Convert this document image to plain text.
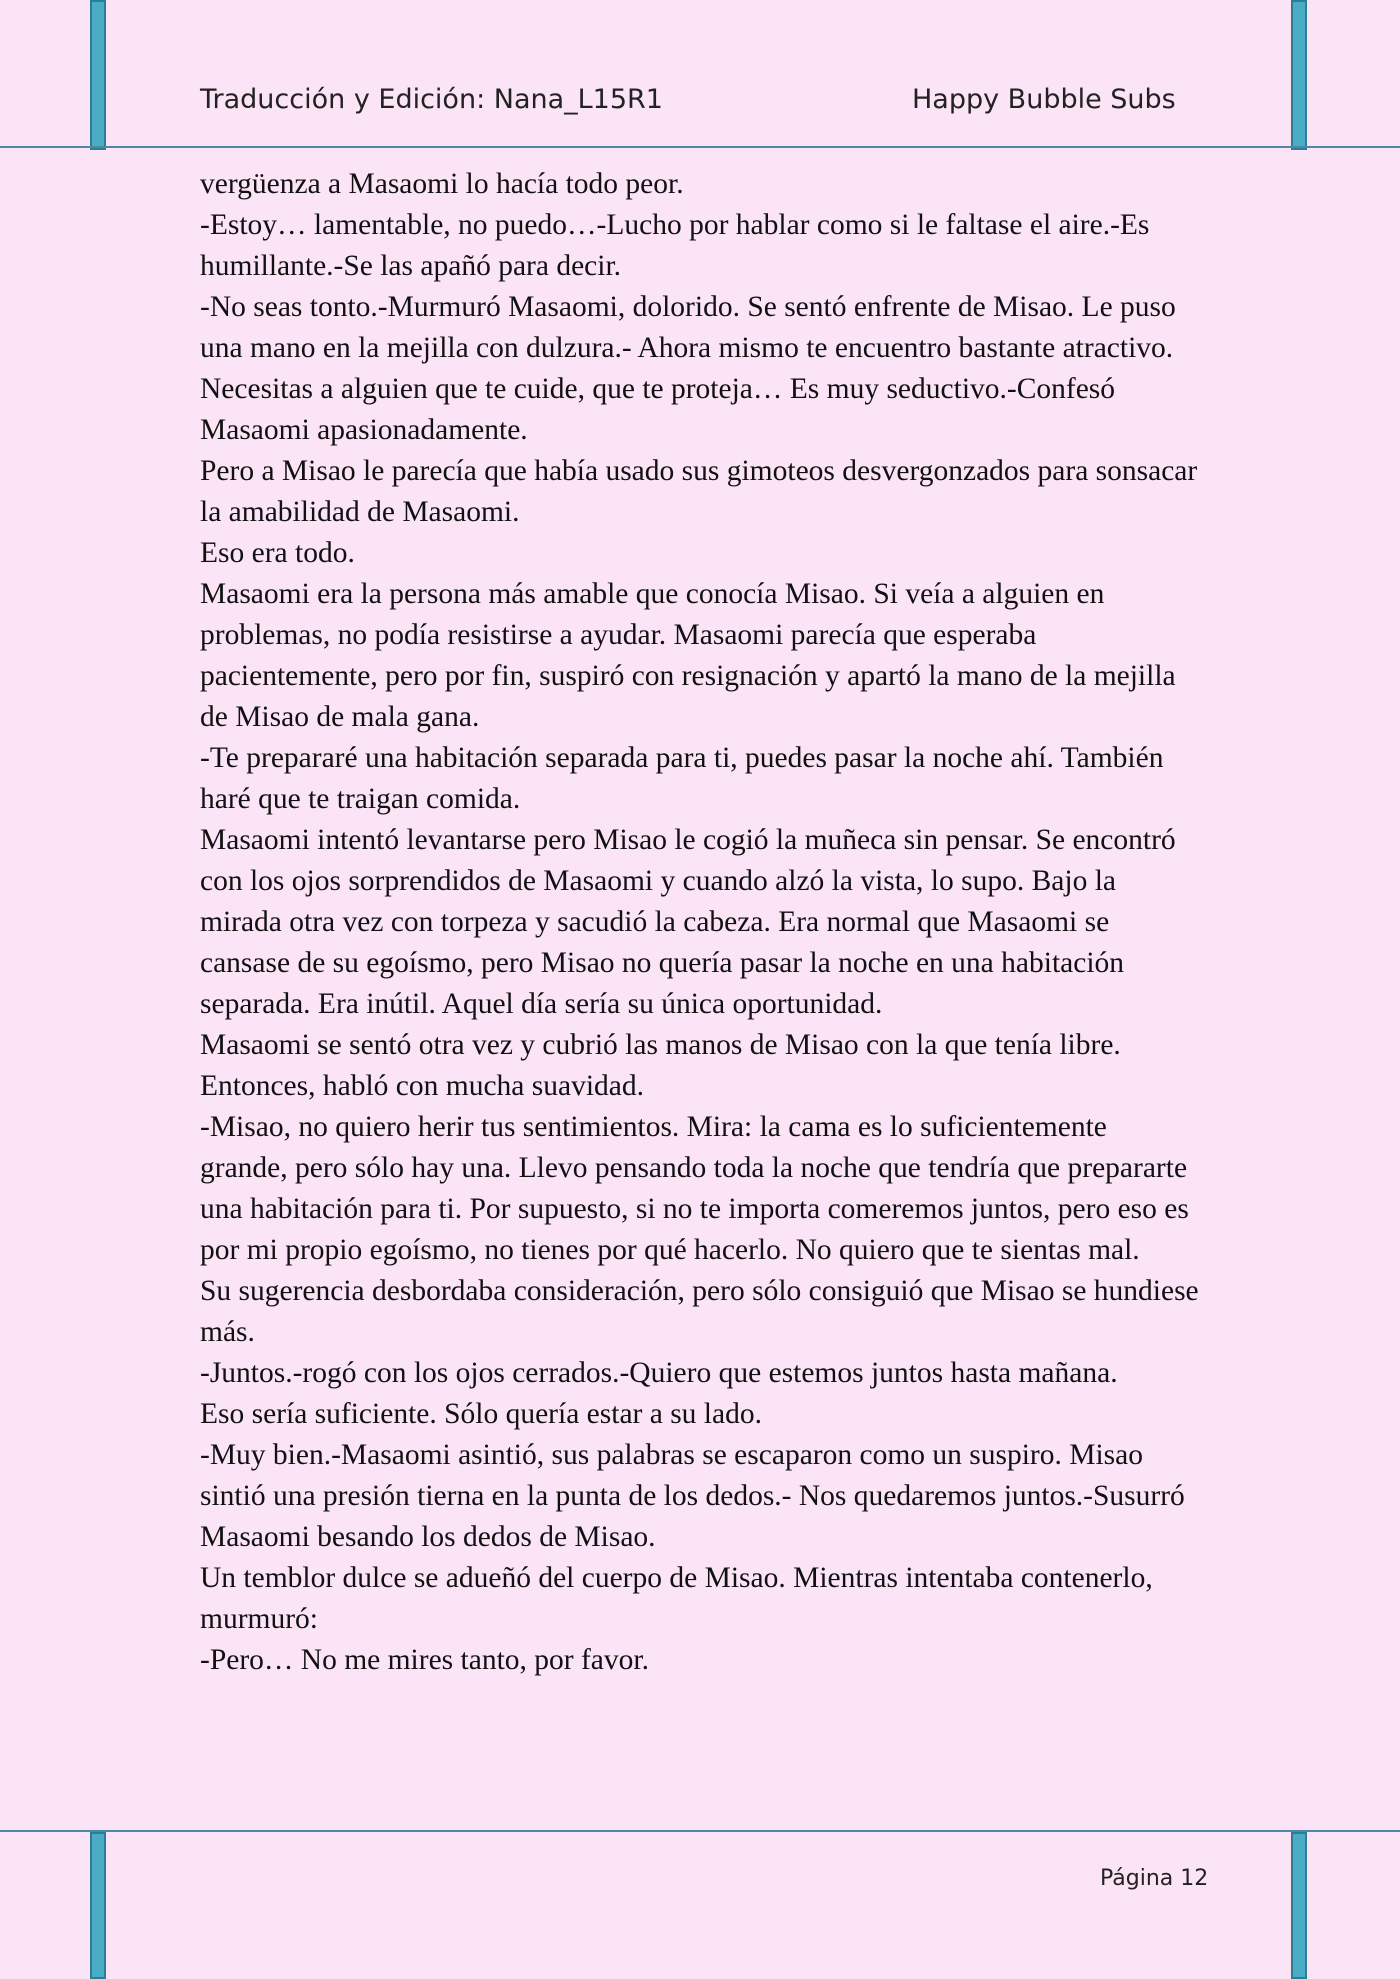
Traducción y Edición: Nana_L15R1	Happy Bubble Subs

vergüenza a Masaomi lo hacía todo peor.

-Estoy… lamentable, no puedo…-Lucho por hablar como si le faltase el aire.-Es humillante.-Se las apañó para decir.

-No seas tonto.-Murmuró Masaomi, dolorido. Se sentó enfrente de Misao. Le puso una mano en la mejilla con dulzura.- Ahora mismo te encuentro bastante atractivo. Necesitas a alguien que te cuide, que te proteja… Es muy seductivo.-Confesó Masaomi apasionadamente.

Pero a Misao le parecía que había usado sus gimoteos desvergonzados para sonsacar la amabilidad de Masaomi.

Eso era todo.

Masaomi era la persona más amable que conocía Misao. Si veía a alguien en problemas, no podía resistirse a ayudar. Masaomi parecía que esperaba pacientemente, pero por fin, suspiró con resignación y apartó la mano de la mejilla de Misao de mala gana.

-Te prepararé una habitación separada para ti, puedes pasar la noche ahí. También haré que te traigan comida.

Masaomi intentó levantarse pero Misao le cogió la muñeca sin pensar. Se encontró con los ojos sorprendidos de Masaomi y cuando alzó la vista, lo supo. Bajo la mirada otra vez con torpeza y sacudió la cabeza. Era normal que Masaomi se cansase de su egoísmo, pero Misao no quería pasar la noche en una habitación separada. Era inútil. Aquel día sería su única oportunidad.

Masaomi se sentó otra vez y cubrió las manos de Misao con la que tenía libre. Entonces, habló con mucha suavidad.

-Misao, no quiero herir tus sentimientos. Mira: la cama es lo suficientemente grande, pero sólo hay una. Llevo pensando toda la noche que tendría que prepararte una habitación para ti. Por supuesto, si no te importa comeremos juntos, pero eso es por mi propio egoísmo, no tienes por qué hacerlo. No quiero que te sientas mal.

Su sugerencia desbordaba consideración, pero sólo consiguió que Misao se hundiese más.

-Juntos.-rogó con los ojos cerrados.-Quiero que estemos juntos hasta mañana.

Eso sería suficiente. Sólo quería estar a su lado.

-Muy bien.-Masaomi asintió, sus palabras se escaparon como un suspiro. Misao sintió una presión tierna en la punta de los dedos.- Nos quedaremos juntos.-Susurró Masaomi besando los dedos de Misao.

Un temblor dulce se adueñó del cuerpo de Misao. Mientras intentaba contenerlo, murmuró:

-Pero… No me mires tanto, por favor.

Página 12
